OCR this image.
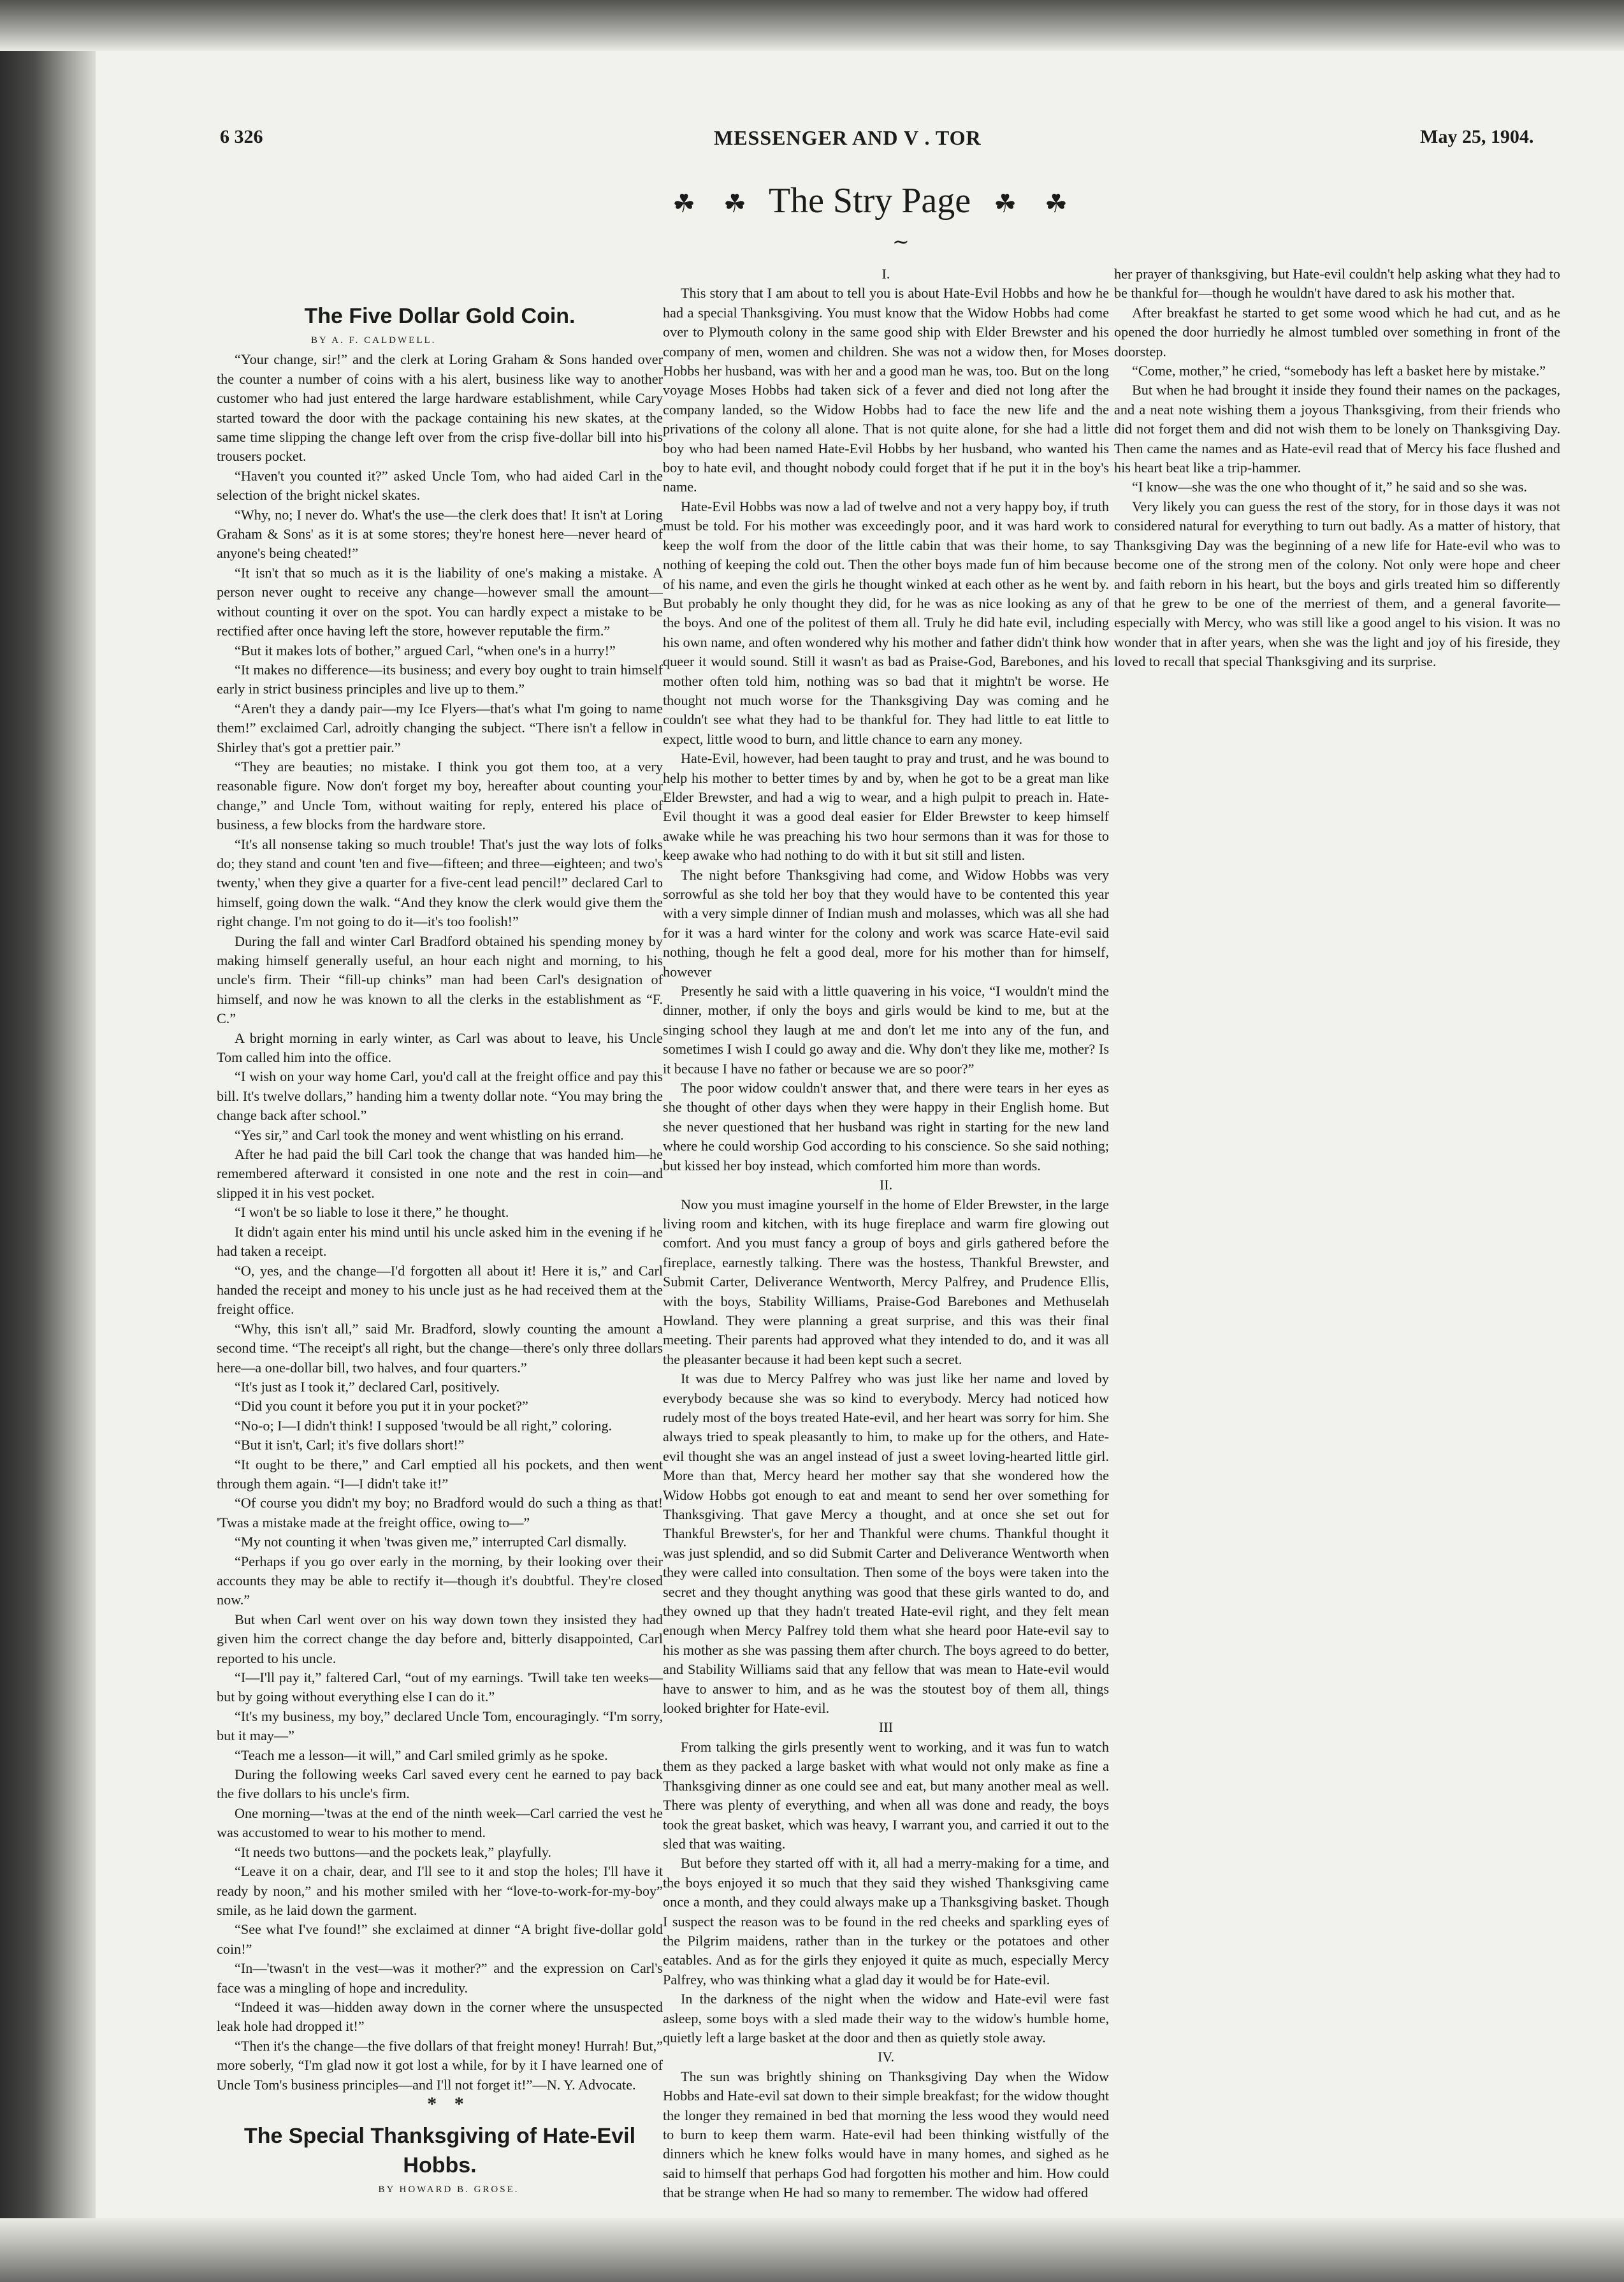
6 326	MESSENGER AND V . TOR	May 25, 1904.
☘ ☘ The Stry Page ☘ ☘
∼
The Five Dollar Gold Coin.

BY A. F. CALDWELL.

“Your change, sir!” and the clerk at Loring Graham & Sons handed over the counter a number of coins with a his alert, business like way to another customer who had just entered the large hardware establishment, while Cary started toward the door with the package containing his new skates, at the same time slipping the change left over from the crisp five-dollar bill into his trousers pocket.

“Haven't you counted it?” asked Uncle Tom, who had aided Carl in the selection of the bright nickel skates.

“Why, no; I never do. What's the use—the clerk does that! It isn't at Loring Graham & Sons' as it is at some stores; they're honest here—never heard of anyone's being cheated!”

“It isn't that so much as it is the liability of one's making a mistake. A person never ought to receive any change—however small the amount—without counting it over on the spot. You can hardly expect a mistake to be rectified after once having left the store, however reputable the firm.”

“But it makes lots of bother,” argued Carl, “when one's in a hurry!”

“It makes no difference—its business; and every boy ought to train himself early in strict business principles and live up to them.”

“Aren't they a dandy pair—my Ice Flyers—that's what I'm going to name them!” exclaimed Carl, adroitly changing the subject. “There isn't a fellow in Shirley that's got a prettier pair.”

“They are beauties; no mistake. I think you got them too, at a very reasonable figure. Now don't forget my boy, hereafter about counting your change,” and Uncle Tom, without waiting for reply, entered his place of business, a few blocks from the hardware store.

“It's all nonsense taking so much trouble! That's just the way lots of folks do; they stand and count 'ten and five—fifteen; and three—eighteen; and two's twenty,' when they give a quarter for a five-cent lead pencil!” declared Carl to himself, going down the walk. “And they know the clerk would give them the right change. I'm not going to do it—it's too foolish!”

During the fall and winter Carl Bradford obtained his spending money by making himself generally useful, an hour each night and morning, to his uncle's firm. Their “fill-up chinks” man had been Carl's designation of himself, and now he was known to all the clerks in the establishment as “F. C.”

A bright morning in early winter, as Carl was about to leave, his Uncle Tom called him into the office.

“I wish on your way home Carl, you'd call at the freight office and pay this bill. It's twelve dollars,” handing him a twenty dollar note. “You may bring the change back after school.”

“Yes sir,” and Carl took the money and went whistling on his errand.

After he had paid the bill Carl took the change that was handed him—he remembered afterward it consisted in one note and the rest in coin—and slipped it in his vest pocket.

“I won't be so liable to lose it there,” he thought.

It didn't again enter his mind until his uncle asked him in the evening if he had taken a receipt.

“O, yes, and the change—I'd forgotten all about it! Here it is,” and Carl handed the receipt and money to his uncle just as he had received them at the freight office.

“Why, this isn't all,” said Mr. Bradford, slowly counting the amount a second time. “The receipt's all right, but the change—there's only three dollars here—a one-dollar bill, two halves, and four quarters.”

“It's just as I took it,” declared Carl, positively.

“Did you count it before you put it in your pocket?”

“No-o; I—I didn't think! I supposed 'twould be all right,” coloring.

“But it isn't, Carl; it's five dollars short!”

“It ought to be there,” and Carl emptied all his pockets, and then went through them again. “I—I didn't take it!”

“Of course you didn't my boy; no Bradford would do such a thing as that! 'Twas a mistake made at the freight office, owing to—”

“My not counting it when 'twas given me,” interrupted Carl dismally.

“Perhaps if you go over early in the morning, by their looking over their accounts they may be able to rectify it—though it's doubtful. They're closed now.”

But when Carl went over on his way down town they insisted they had given him the correct change the day before and, bitterly disappointed, Carl reported to his uncle.

“I—I'll pay it,” faltered Carl, “out of my earnings. 'Twill take ten weeks—but by going without everything else I can do it.”

“It's my business, my boy,” declared Uncle Tom, encouragingly. “I'm sorry, but it may—”

“Teach me a lesson—it will,” and Carl smiled grimly as he spoke.

During the following weeks Carl saved every cent he earned to pay back the five dollars to his uncle's firm.

One morning—'twas at the end of the ninth week—Carl carried the vest he was accustomed to wear to his mother to mend.

“It needs two buttons—and the pockets leak,” playfully.

“Leave it on a chair, dear, and I'll see to it and stop the holes; I'll have it ready by noon,” and his mother smiled with her “love-to-work-for-my-boy” smile, as he laid down the garment.

“See what I've found!” she exclaimed at dinner “A bright five-dollar gold coin!”

“In—'twasn't in the vest—was it mother?” and the expression on Carl's face was a mingling of hope and incredulity.

“Indeed it was—hidden away down in the corner where the unsuspected leak hole had dropped it!”

“Then it's the change—the five dollars of that freight money! Hurrah! But,” more soberly, “I'm glad now it got lost a while, for by it I have learned one of Uncle Tom's business principles—and I'll not forget it!”—N. Y. Advocate.

* *

The Special Thanksgiving of Hate-Evil Hobbs.

BY HOWARD B. GROSE.

I.

This story that I am about to tell you is about Hate-Evil Hobbs and how he had a special Thanksgiving. You must know that the Widow Hobbs had come over to Plymouth colony in the same good ship with Elder Brewster and his company of men, women and children. She was not a widow then, for Moses Hobbs her husband, was with her and a good man he was, too. But on the long voyage Moses Hobbs had taken sick of a fever and died not long after the company landed, so the Widow Hobbs had to face the new life and the privations of the colony all alone. That is not quite alone, for she had a little boy who had been named Hate-Evil Hobbs by her husband, who wanted his boy to hate evil, and thought nobody could forget that if he put it in the boy's name.

Hate-Evil Hobbs was now a lad of twelve and not a very happy boy, if truth must be told. For his mother was exceedingly poor, and it was hard work to keep the wolf from the door of the little cabin that was their home, to say nothing of keeping the cold out. Then the other boys made fun of him because of his name, and even the girls he thought winked at each other as he went by. But probably he only thought they did, for he was as nice looking as any of the boys. And one of the politest of them all. Truly he did hate evil, including his own name, and often wondered why his mother and father didn't think how queer it would sound. Still it wasn't as bad as Praise-God, Barebones, and his mother often told him, nothing was so bad that it mightn't be worse. He thought not much worse for the Thanksgiving Day was coming and he couldn't see what they had to be thankful for. They had little to eat little to expect, little wood to burn, and little chance to earn any money.

Hate-Evil, however, had been taught to pray and trust, and he was bound to help his mother to better times by and by, when he got to be a great man like Elder Brewster, and had a wig to wear, and a high pulpit to preach in. Hate-Evil thought it was a good deal easier for Elder Brewster to keep himself awake while he was preaching his two hour sermons than it was for those to keep awake who had nothing to do with it but sit still and listen.

The night before Thanksgiving had come, and Widow Hobbs was very sorrowful as she told her boy that they would have to be contented this year with a very simple dinner of Indian mush and molasses, which was all she had for it was a hard winter for the colony and work was scarce Hate-evil said nothing, though he felt a good deal, more for his mother than for himself, however

Presently he said with a little quavering in his voice, “I wouldn't mind the dinner, mother, if only the boys and girls would be kind to me, but at the singing school they laugh at me and don't let me into any of the fun, and sometimes I wish I could go away and die. Why don't they like me, mother? Is it because I have no father or because we are so poor?”

The poor widow couldn't answer that, and there were tears in her eyes as she thought of other days when they were happy in their English home. But she never questioned that her husband was right in starting for the new land where he could worship God according to his conscience. So she said nothing; but kissed her boy instead, which comforted him more than words.

II.

Now you must imagine yourself in the home of Elder Brewster, in the large living room and kitchen, with its huge fireplace and warm fire glowing out comfort. And you must fancy a group of boys and girls gathered before the fireplace, earnestly talking. There was the hostess, Thankful Brewster, and Submit Carter, Deliverance Wentworth, Mercy Palfrey, and Prudence Ellis, with the boys, Stability Williams, Praise-God Barebones and Methuselah Howland. They were planning a great surprise, and this was their final meeting. Their parents had approved what they intended to do, and it was all the pleasanter because it had been kept such a secret.

It was due to Mercy Palfrey who was just like her name and loved by everybody because she was so kind to everybody. Mercy had noticed how rudely most of the boys treated Hate-evil, and her heart was sorry for him. She always tried to speak pleasantly to him, to make up for the others, and Hate-evil thought she was an angel instead of just a sweet loving-hearted little girl. More than that, Mercy heard her mother say that she wondered how the Widow Hobbs got enough to eat and meant to send her over something for Thanksgiving. That gave Mercy a thought, and at once she set out for Thankful Brewster's, for her and Thankful were chums. Thankful thought it was just splendid, and so did Submit Carter and Deliverance Wentworth when they were called into consultation. Then some of the boys were taken into the secret and they thought anything was good that these girls wanted to do, and they owned up that they hadn't treated Hate-evil right, and they felt mean enough when Mercy Palfrey told them what she heard poor Hate-evil say to his mother as she was passing them after church. The boys agreed to do better, and Stability Williams said that any fellow that was mean to Hate-evil would have to answer to him, and as he was the stoutest boy of them all, things looked brighter for Hate-evil.

III

From talking the girls presently went to working, and it was fun to watch them as they packed a large basket with what would not only make as fine a Thanksgiving dinner as one could see and eat, but many another meal as well. There was plenty of everything, and when all was done and ready, the boys took the great basket, which was heavy, I warrant you, and carried it out to the sled that was waiting.

But before they started off with it, all had a merry-making for a time, and the boys enjoyed it so much that they said they wished Thanksgiving came once a month, and they could always make up a Thanksgiving basket. Though I suspect the reason was to be found in the red cheeks and sparkling eyes of the Pilgrim maidens, rather than in the turkey or the potatoes and other eatables. And as for the girls they enjoyed it quite as much, especially Mercy Palfrey, who was thinking what a glad day it would be for Hate-evil.

In the darkness of the night when the widow and Hate-evil were fast asleep, some boys with a sled made their way to the widow's humble home, quietly left a large basket at the door and then as quietly stole away.

IV.

The sun was brightly shining on Thanksgiving Day when the Widow Hobbs and Hate-evil sat down to their simple breakfast; for the widow thought the longer they remained in bed that morning the less wood they would need to burn to keep them warm. Hate-evil had been thinking wistfully of the dinners which he knew folks would have in many homes, and sighed as he said to himself that perhaps God had forgotten his mother and him. How could that be strange when He had so many to remember. The widow had offered

her prayer of thanksgiving, but Hate-evil couldn't help asking what they had to be thankful for—though he wouldn't have dared to ask his mother that.

After breakfast he started to get some wood which he had cut, and as he opened the door hurriedly he almost tumbled over something in front of the doorstep.

“Come, mother,” he cried, “somebody has left a basket here by mistake.”

But when he had brought it inside they found their names on the packages, and a neat note wishing them a joyous Thanksgiving, from their friends who did not forget them and did not wish them to be lonely on Thanksgiving Day. Then came the names and as Hate-evil read that of Mercy his face flushed and his heart beat like a trip-hammer.

“I know—she was the one who thought of it,” he said and so she was.

Very likely you can guess the rest of the story, for in those days it was not considered natural for everything to turn out badly. As a matter of history, that Thanksgiving Day was the beginning of a new life for Hate-evil who was to become one of the strong men of the colony. Not only were hope and cheer and faith reborn in his heart, but the boys and girls treated him so differently that he grew to be one of the merriest of them, and a general favorite—especially with Mercy, who was still like a good angel to his vision. It was no wonder that in after years, when she was the light and joy of his fireside, they loved to recall that special Thanksgiving and its surprise.
